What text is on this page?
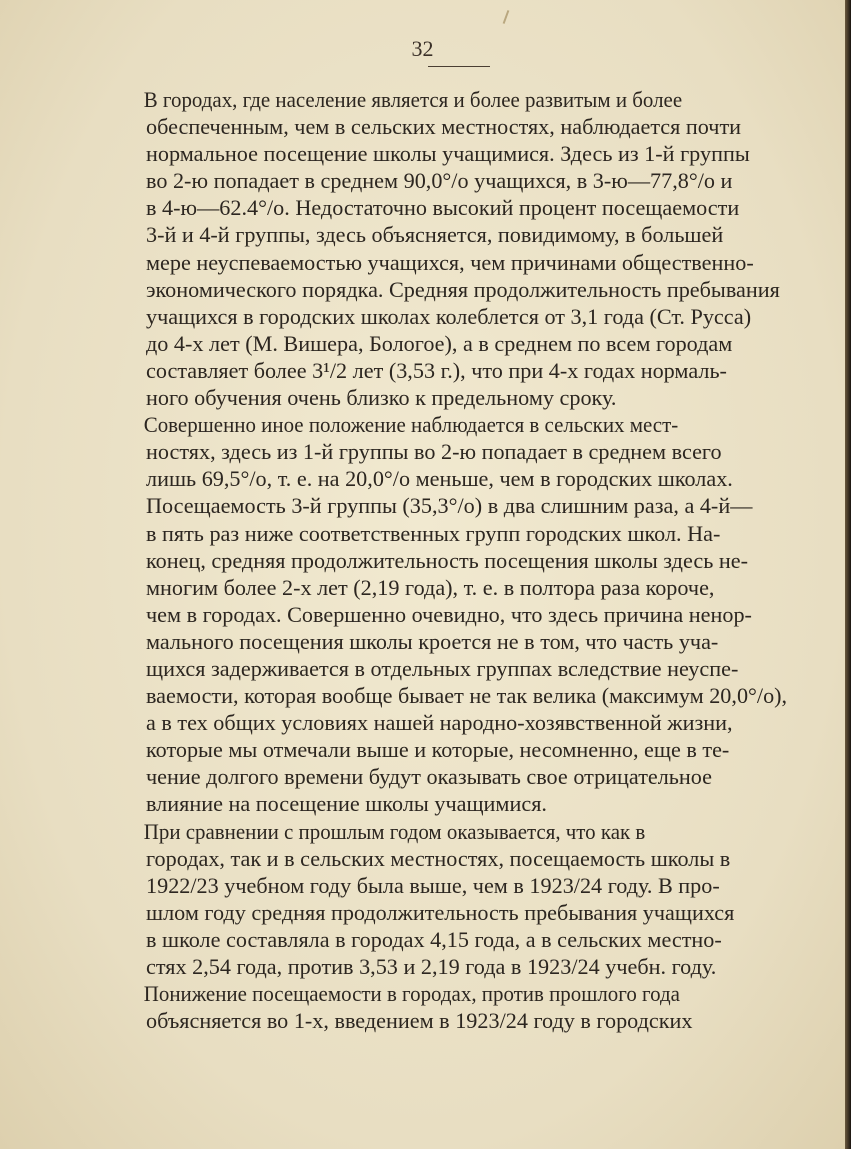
32

В городах, где население является и более развитым и более
обеспеченным, чем в сельских местностях, наблюдается почти
нормальное посещение школы учащимися. Здесь из 1-й группы
во 2-ю попадает в среднем 90,0°/о учащихся, в 3-ю—77,8°/о и
в 4-ю—62.4°/о. Недостаточно высокий процент посещаемости
3-й и 4-й группы, здесь объясняется, повидимому, в большей
мере неуспеваемостью учащихся, чем причинами общественно-
экономического порядка. Средняя продолжительность пребывания
учащихся в городских школах колеблется от 3,1 года (Ст. Русса)
до 4-х лет (М. Вишера, Бологое), а в среднем по всем городам
составляет более 3¹/2 лет (3,53 г.), что при 4-х годах нормаль-
ного обучения очень близко к предельному сроку.

Совершенно иное положение наблюдается в сельских мест-
ностях, здесь из 1-й группы во 2-ю попадает в среднем всего
лишь 69,5°/о, т. е. на 20,0°/о меньше, чем в городских школах.
Посещаемость 3-й группы (35,3°/о) в два слишним раза, а 4-й—
в пять раз ниже соответственных групп городских школ. На-
конец, средняя продолжительность посещения школы здесь не-
многим более 2-х лет (2,19 года), т. е. в полтора раза короче,
чем в городах. Совершенно очевидно, что здесь причина ненор-
мального посещения школы кроется не в том, что часть уча-
щихся задерживается в отдельных группах вследствие неуспе-
ваемости, которая вообще бывает не так велика (максимум 20,0°/о),
а в тех общих условиях нашей народно-хозявственной жизни,
которые мы отмечали выше и которые, несомненно, еще в те-
чение долгого времени будут оказывать свое отрицательное
влияние на посещение школы учащимися.

При сравнении с прошлым годом оказывается, что как в
городах, так и в сельских местностях, посещаемость школы в
1922/23 учебном году была выше, чем в 1923/24 году. В про-
шлом году средняя продолжительность пребывания учащихся
в школе составляла в городах 4,15 года, а в сельских местно-
стях 2,54 года, против 3,53 и 2,19 года в 1923/24 учебн. году.

Понижение посещаемости в городах, против прошлого года
объясняется во 1-х, введением в 1923/24 году в городских
